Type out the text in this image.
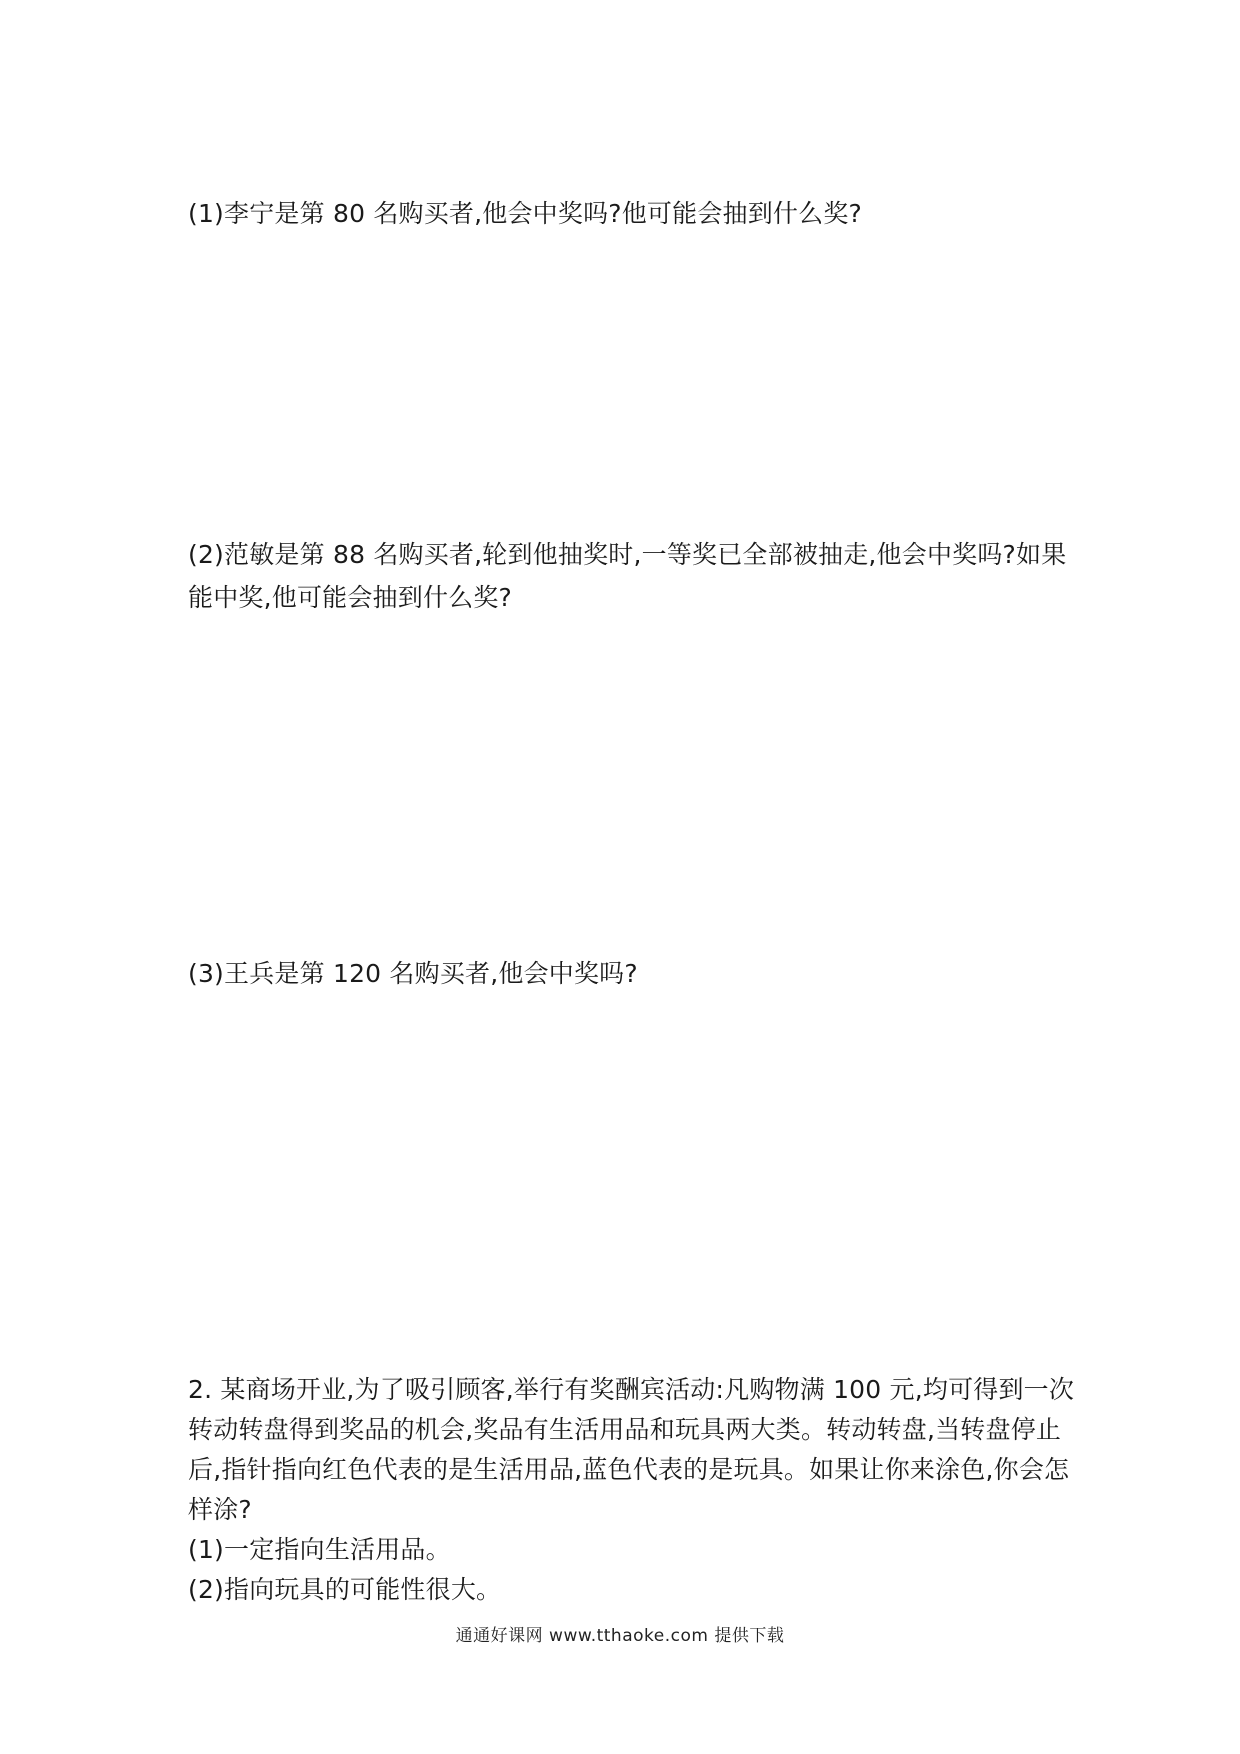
(1)李宁是第 80 名购买者,他会中奖吗?他可能会抽到什么奖?
(2)范敏是第 88 名购买者,轮到他抽奖时,一等奖已全部被抽走,他会中奖吗?如果
能中奖,他可能会抽到什么奖?
(3)王兵是第 120 名购买者,他会中奖吗?
2. 某商场开业,为了吸引顾客,举行有奖酬宾活动:凡购物满 100 元,均可得到一次
转动转盘得到奖品的机会,奖品有生活用品和玩具两大类。转动转盘,当转盘停止
后,指针指向红色代表的是生活用品,蓝色代表的是玩具。如果让你来涂色,你会怎
样涂?
(1)一定指向生活用品。
(2)指向玩具的可能性很大。
通通好课网 www.tthaoke.com 提供下载
